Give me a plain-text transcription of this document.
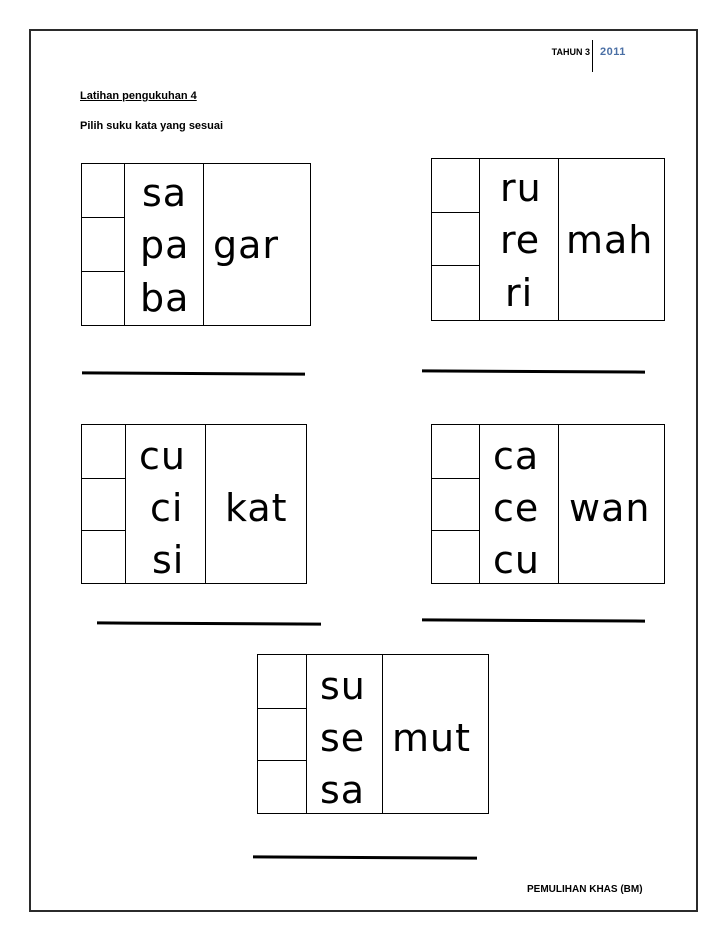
TAHUN 3 2011
Latihan pengukuhan 4
Pilih suku kata yang sesuai
sa
pa
ba
gar
ru
re
ri
mah
cu
ci
si
kat
ca
ce
cu
wan
su
se
sa
mut
PEMULIHAN KHAS (BM)
